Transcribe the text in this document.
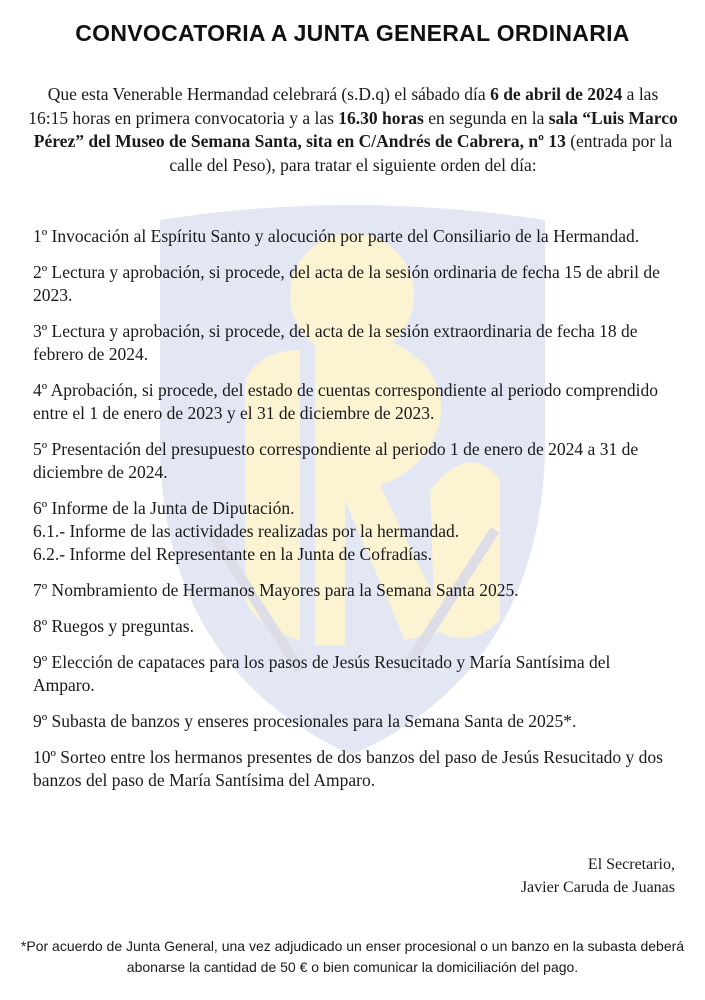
CONVOCATORIA A JUNTA GENERAL ORDINARIA
Que esta Venerable Hermandad celebrará (s.D.q) el sábado día 6 de abril de 2024 a las 16:15 horas en primera convocatoria y a las 16.30 horas en segunda en la sala “Luis Marco Pérez” del Museo de Semana Santa, sita en C/Andrés de Cabrera, nº 13 (entrada por la calle del Peso), para tratar el siguiente orden del día:
1º Invocación al Espíritu Santo y alocución por parte del Consiliario de la Hermandad.
2º Lectura y aprobación, si procede, del acta de la sesión ordinaria de fecha 15 de abril de 2023.
3º Lectura y aprobación, si procede, del acta de la sesión extraordinaria de fecha 18 de febrero de 2024.
4º Aprobación, si procede, del estado de cuentas correspondiente al periodo comprendido entre el 1 de enero de 2023 y el 31 de diciembre de 2023.
5º Presentación del presupuesto correspondiente al periodo 1 de enero de 2024 a 31 de diciembre de 2024.
6º Informe de la Junta de Diputación.
6.1.- Informe de las actividades realizadas por la hermandad.
6.2.- Informe del Representante en la Junta de Cofradías.
7º Nombramiento de Hermanos Mayores para la Semana Santa 2025.
8º Ruegos y preguntas.
9º Elección de capataces para los pasos de Jesús Resucitado y María Santísima del Amparo.
9º Subasta de banzos y enseres procesionales para la Semana Santa de 2025*.
10º Sorteo entre los hermanos presentes de dos banzos del paso de Jesús Resucitado y dos banzos del paso de María Santísima del Amparo.
El Secretario,
Javier Caruda de Juanas
*Por acuerdo de Junta General, una vez adjudicado un enser procesional o un banzo en la subasta deberá abonarse la cantidad de 50 € o bien comunicar la domiciliación del pago.
